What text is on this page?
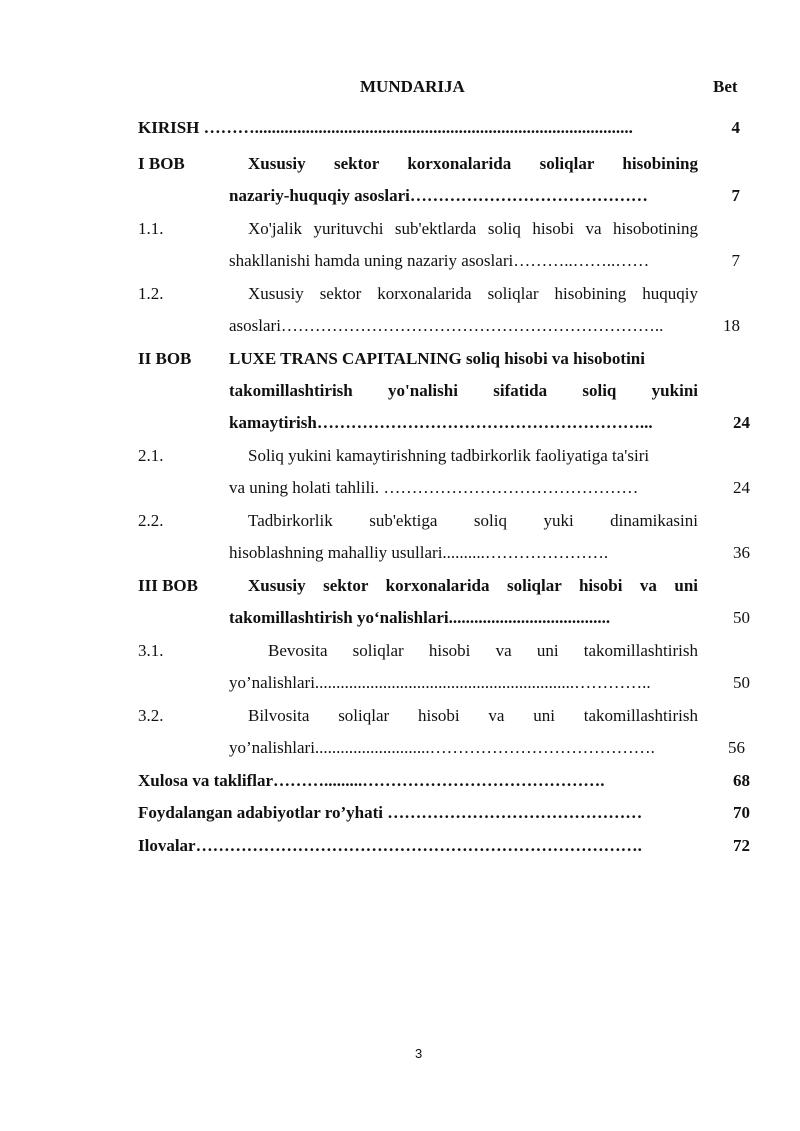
MUNDARIJA	Bet
KIRISH ……….........................................................................................	4
I BOB	Xususiy sektor korxonalarida soliqlar hisobining
nazariy-huquqiy asoslari……………………………………	7
1.1.	Xo'jalik yurituvchi sub'ektlarda soliq hisobi va hisobotining
shakllanishi hamda uning nazariy asoslari………..……..……	7
1.2.	Xususiy sektor korxonalarida soliqlar hisobining huquqiy
asoslari…………………………………………………………..	18
II BOB LUXE TRANS CAPITALNING soliq hisobi va hisobotini
takomillashtirish yo'nalishi sifatida soliq yukini
kamaytirish…………………………………………………...	24
2.1.	Soliq yukini kamaytirishning tadbirkorlik faoliyatiga ta'siri
va uning holati tahlili. ………………………………………	24
2.2.	Tadbirkorlik sub'ektiga soliq yuki dinamikasini
hisoblashning mahalliy usullari..........………………….	36
III BOB	Xususiy sektor korxonalarida soliqlar hisobi va uni
takomillashtirish yo‘nalishlari......................................	50
3.1.	Bevosita soliqlar hisobi va uni takomillashtirish
yo’nalishlari.............................................................…………..	50
3.2.	Bilvosita soliqlar hisobi va uni takomillashtirish
yo’nalishlari...........................………………………………….	56
Xulosa va takliflar……….........…………………………………….	68
Foydalangan adabiyotlar ro’yhati ………………………………………	70
Ilovalar…………………………………………………………………….	72
3
